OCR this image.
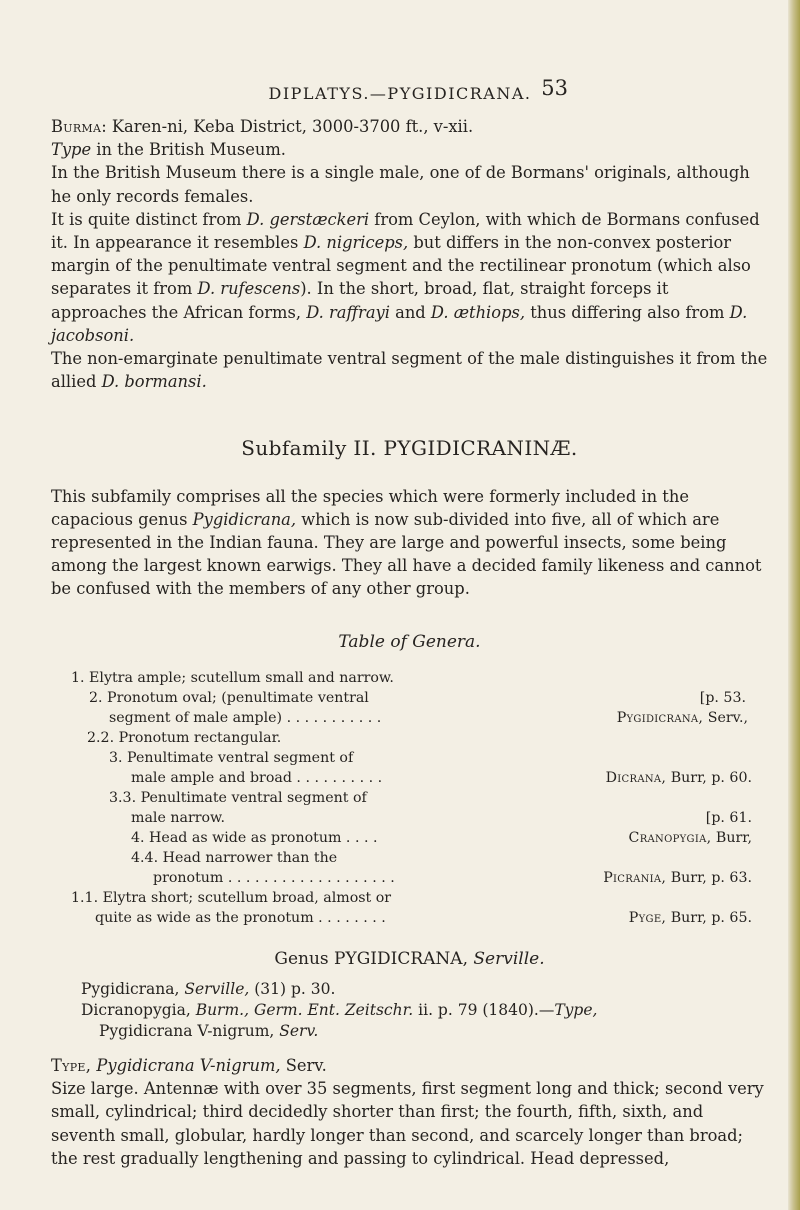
DIPLATYS.—PYGIDICRANA. 53

Burma: Karen-ni, Keba District, 3000-3700 ft., v-xii.

Type in the British Museum.

In the British Museum there is a single male, one of de Bormans' originals, although he only records females.

It is quite distinct from D. gerstæckeri from Ceylon, with which de Bormans confused it. In appearance it resembles D. nigriceps, but differs in the non-convex posterior margin of the penultimate ventral segment and the rectilinear pronotum (which also separates it from D. rufescens). In the short, broad, flat, straight forceps it approaches the African forms, D. raffrayi and D. æthiops, thus differing also from D. jacobsoni.

The non-emarginate penultimate ventral segment of the male distinguishes it from the allied D. bormansi.

Subfamily II. PYGIDICRANINÆ.

This subfamily comprises all the species which were formerly included in the capacious genus Pygidicrana, which is now sub-divided into five, all of which are represented in the Indian fauna. They are large and powerful insects, some being among the largest known earwigs. They all have a decided family likeness and cannot be confused with the members of any other group.

Table of Genera.
1. Elytra ample; scutellum small and narrow.
2. Pronotum oval; (penultimate ventral	[p. 53.
segment of male ample) . . . . . . . . . . .	Pygidicrana, Serv.,
2.2. Pronotum rectangular.
3. Penultimate ventral segment of
male ample and broad . . . . . . . . . .	Dicrana, Burr, p. 60.
3.3. Penultimate ventral segment of
male narrow.	[p. 61.
4. Head as wide as pronotum . . . .	Cranopygia, Burr,
4.4. Head narrower than the
pronotum . . . . . . . . . . . . . . . . . . .	Picrania, Burr, p. 63.
1.1. Elytra short; scutellum broad, almost or
quite as wide as the pronotum . . . . . . . .	Pyge, Burr, p. 65.
Genus PYGIDICRANA, Serville.
Pygidicrana, Serville, (31) p. 30.
Dicranopygia, Burm., Germ. Ent. Zeitschr. ii. p. 79 (1840).—Type,
Pygidicrana V-nigrum, Serv.

Type, Pygidicrana V-nigrum, Serv.

Size large. Antennæ with over 35 segments, first segment long and thick; second very small, cylindrical; third decidedly shorter than first; the fourth, fifth, sixth, and seventh small, globular, hardly longer than second, and scarcely longer than broad; the rest gradually lengthening and passing to cylindrical. Head depressed,
